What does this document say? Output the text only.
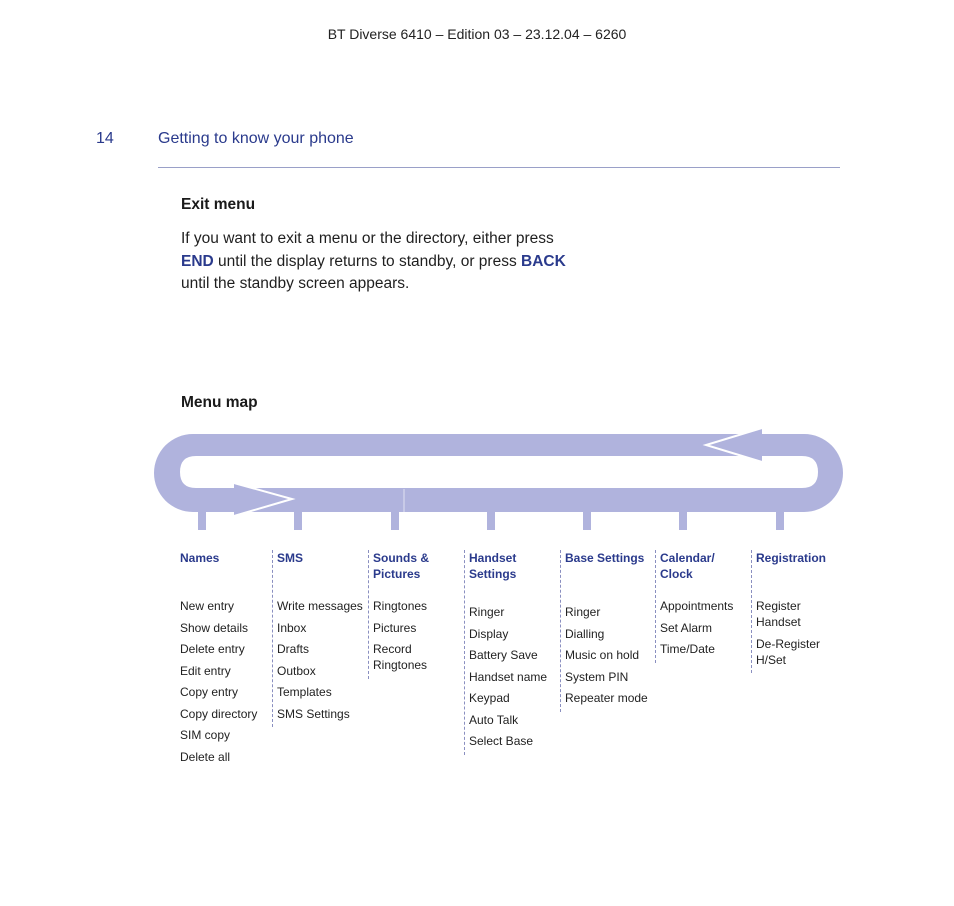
BT Diverse 6410 – Edition 03 – 23.12.04 – 6260
14	Getting to know your phone
Exit menu
If you want to exit a menu or the directory, either press
END until the display returns to standby, or press BACK
until the standby screen appears.
Menu map
Names
New entry
Show details
Delete entry
Edit entry
Copy entry
Copy directory
SIM copy
Delete all
SMS
Write messages
Inbox
Drafts
Outbox
Templates
SMS Settings
Sounds &
Pictures
Ringtones
Pictures
Record Ringtones
Handset
Settings
Ringer
Display
Battery Save
Handset name
Keypad
Auto Talk
Select Base
Base Settings
Ringer
Dialling
Music on hold
System PIN
Repeater mode
Calendar/
Clock
Appointments
Set Alarm
Time/Date
Registration
Register Handset
De-Register H/Set
